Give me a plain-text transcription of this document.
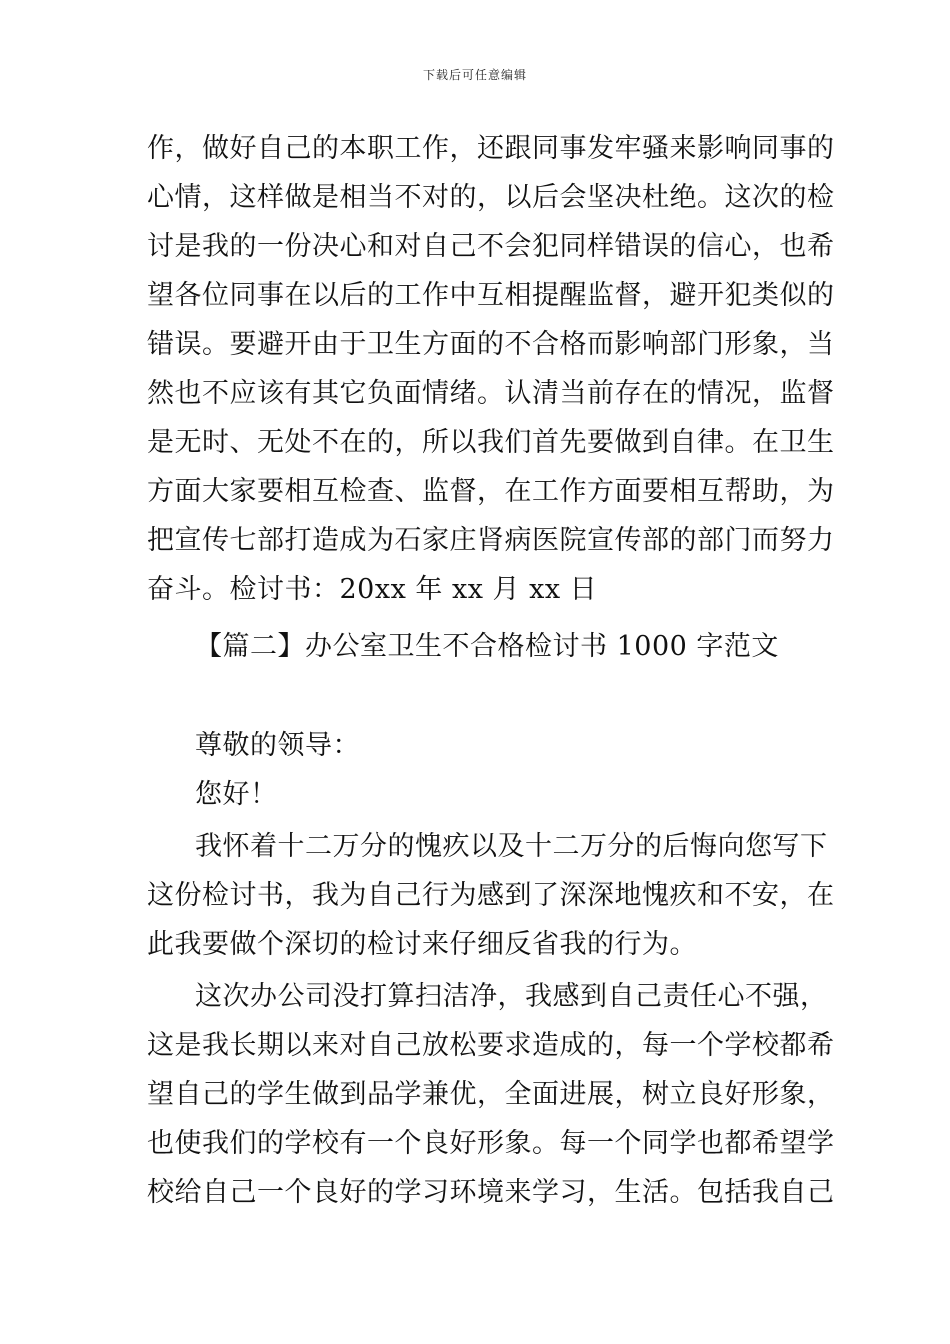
下载后可任意编辑
作，做好自己的本职工作，还跟同事发牢骚来影响同事的
心情，这样做是相当不对的，以后会坚决杜绝。这次的检
讨是我的一份决心和对自己不会犯同样错误的信心，也希
望各位同事在以后的工作中互相提醒监督，避开犯类似的
错误。要避开由于卫生方面的不合格而影响部门形象，当
然也不应该有其它负面情绪。认清当前存在的情况，监督
是无时、无处不在的，所以我们首先要做到自律。在卫生
方面大家要相互检查、监督，在工作方面要相互帮助，为
把宣传七部打造成为石家庄肾病医院宣传部的部门而努力
奋斗。检讨书：20xx 年 xx 月 xx 日
【篇二】办公室卫生不合格检讨书 1000 字范文
尊敬的领导：
您好！
我怀着十二万分的愧疚以及十二万分的后悔向您写下
这份检讨书，我为自己行为感到了深深地愧疚和不安，在
此我要做个深切的检讨来仔细反省我的行为。
这次办公司没打算扫洁净，我感到自己责任心不强，
这是我长期以来对自己放松要求造成的，每一个学校都希
望自己的学生做到品学兼优，全面进展，树立良好形象，
也使我们的学校有一个良好形象。每一个同学也都希望学
校给自己一个良好的学习环境来学习，生活。包括我自己
